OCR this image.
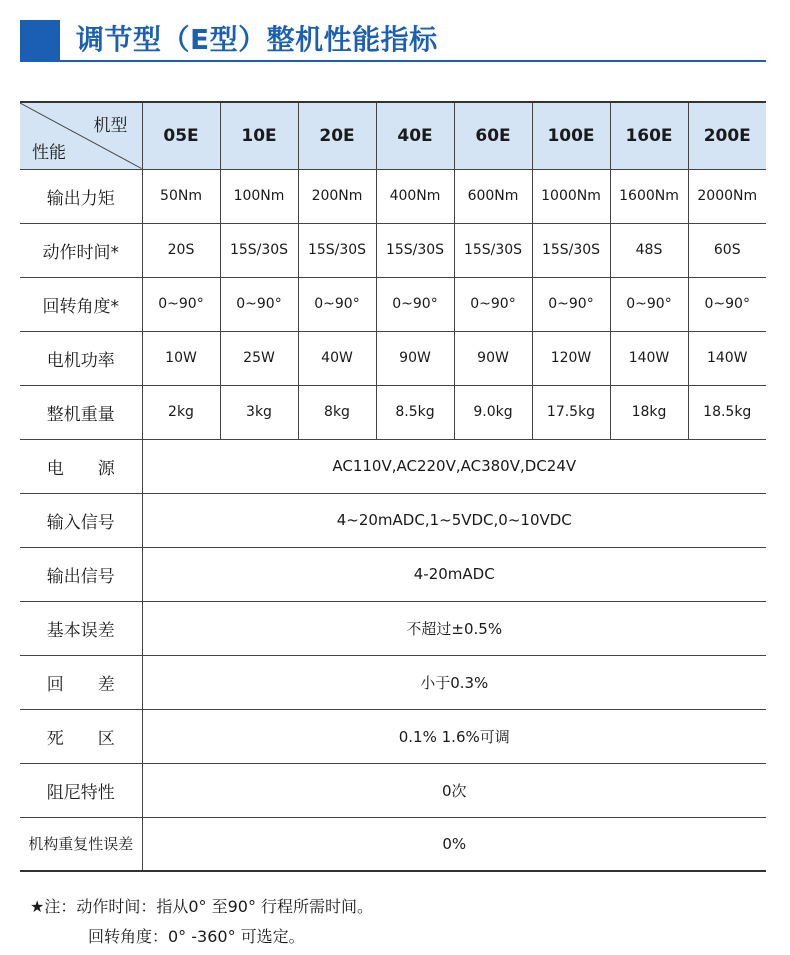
调节型（E型）整机性能指标
机型
性能	05E	10E	20E	40E	60E	100E	160E	200E
输出力矩	50Nm	100Nm	200Nm	400Nm	600Nm	1000Nm	1600Nm	2000Nm
动作时间*	20S	15S/30S	15S/30S	15S/30S	15S/30S	15S/30S	48S	60S
回转角度*	0~90°	0~90°	0~90°	0~90°	0~90°	0~90°	0~90°	0~90°
电机功率	10W	25W	40W	90W	90W	120W	140W	140W
整机重量	2kg	3kg	8kg	8.5kg	9.0kg	17.5kg	18kg	18.5kg
电　　源	AC110V,AC220V,AC380V,DC24V							
输入信号	4~20mADC,1~5VDC,0~10VDC							
输出信号	4-20mADC							
基本误差	不超过±0.5%							
回　　差	小于0.3%							
死　　区	0.1% 1.6%可调							
阻尼特性	0次							
机构重复性误差	0%							
★注：动作时间：指从0° 至90° 行程所需时间。
回转角度：0° -360° 可选定。
